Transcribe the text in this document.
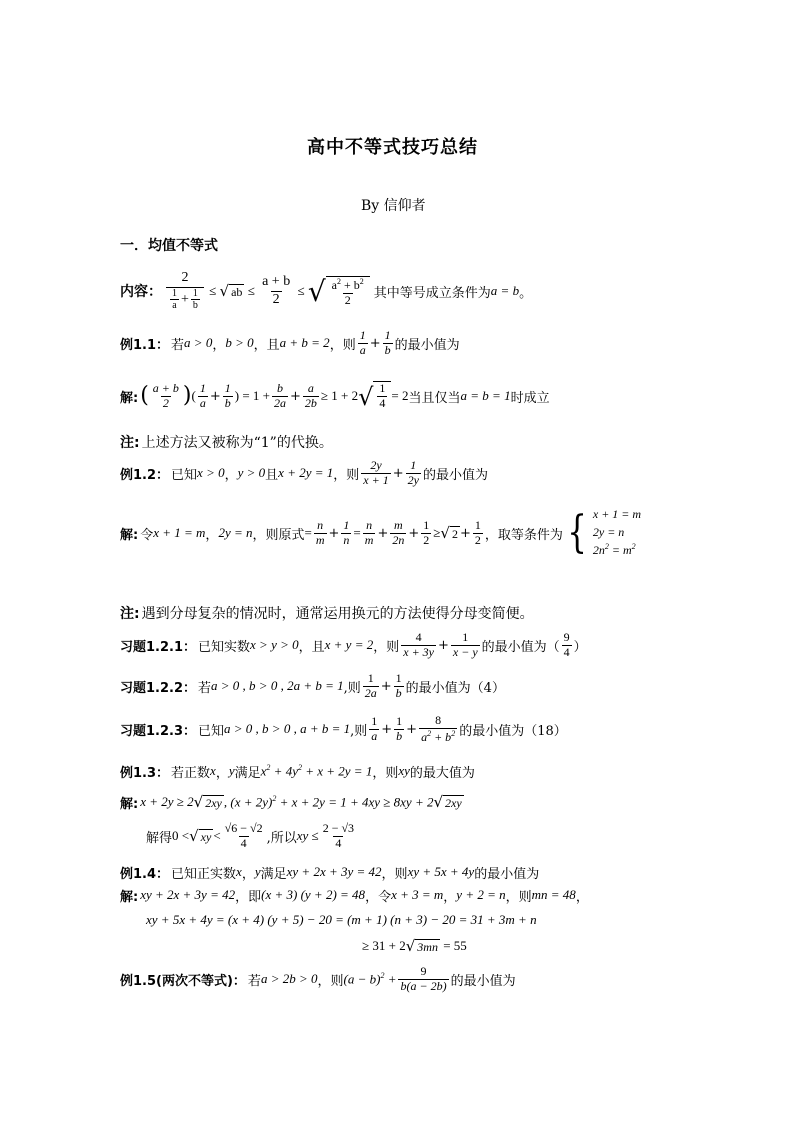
高中不等式技巧总结
By 信仰者
一．均值不等式
内容： $\frac{2}{\frac{1}{a} + \frac{1}{b}}$ ≤ √ ab ≤ $\frac{a + b}{2}$ ≤ √ $\frac{a^2 + b^2}{2}$ 其中等号成立条件为 a = b 。
例1.1： 若 a > 0 ， b > 0 ，且 a + b = 2 ，则 $\frac{1}{a} + \frac{1}{b}$ 的最小值为
解: ( $\frac{a + b}{2}$ ) ( $\frac{1}{a} + \frac{1}{b}$ ) = $1 + \frac{b}{2a} + \frac{a}{2b} \ge 1 + 2$ √ $\frac{1}{4} = 2$ 当且仅当 a = b = 1 时成立
注: 上述方法又被称为“1”的代换。
例1.2： 已知 x > 0 ， y > 0 且 x + 2y = 1 ，则 $\frac{2y}{x + 1} + \frac{1}{2y}$ 的最小值为
解: 令 x + 1 = m ， 2y = n ，则原式 = $\frac{n}{m} + \frac{1}{n} = \frac{n}{m} + \frac{m}{2n} + \frac{1}{2}$ ≥ √ $2 + \frac{1}{2}$ ，取等条件为 { x + 1 = m
2y = n
$2n^2 = m^2$
注: 遇到分母复杂的情况时，通常运用换元的方法使得分母变简便。
习题1.2.1： 已知实数 x > y > 0 ，且 x + y = 2 ，则 $\frac{4}{x + 3y} + \frac{1}{x - y}$ 的最小值为（ $\frac{9}{4}$ ）
习题1.2.2： 若 a > 0 , b > 0 , 2a + b = 1 ,则 $\frac{1}{2a} + \frac{1}{b}$ 的最小值为（4）
习题1.2.3： 已知 a > 0 , b > 0 , a + b = 1 ,则 $\frac{1}{a} + \frac{1}{b} + \frac{8}{a^2 + b^2}$ 的最小值为（18）
例1.3： 若正数 x ， y 满足 $x^2 + 4y^2 + x + 2y = 1$ ，则 xy 的最大值为
解: x + 2y ≥ 2 √ 2xy , $(x + 2y)^2 + x + 2y = 1 + 4xy \ge 8xy + 2$ √ 2xy
解得 0 < √ xy < $\frac{√6 - √2}{4}$ ,所以 xy ≤ $\frac{2 - √3}{4}$
例1.4： 已知正实数 x ， y 满足 xy + 2x + 3y = 42 ，则 xy + 5x + 4y 的最小值为
解: xy + 2x + 3y = 42 ，即 (x + 3) (y + 2) = 48 ，令 x + 3 = m ， y + 2 = n ，则 mn = 48 ，
xy + 5x + 4y = (x + 4) (y + 5) − 20 = (m + 1) (n + 3) − 20 = 31 + 3m + n
≥ 31 + 2 √ 3mn = 55
例1.5(两次不等式)： 若 a > 2b > 0 ，则 $(a - b)^2 + \frac{9}{b(a - 2b)}$ 的最小值为
